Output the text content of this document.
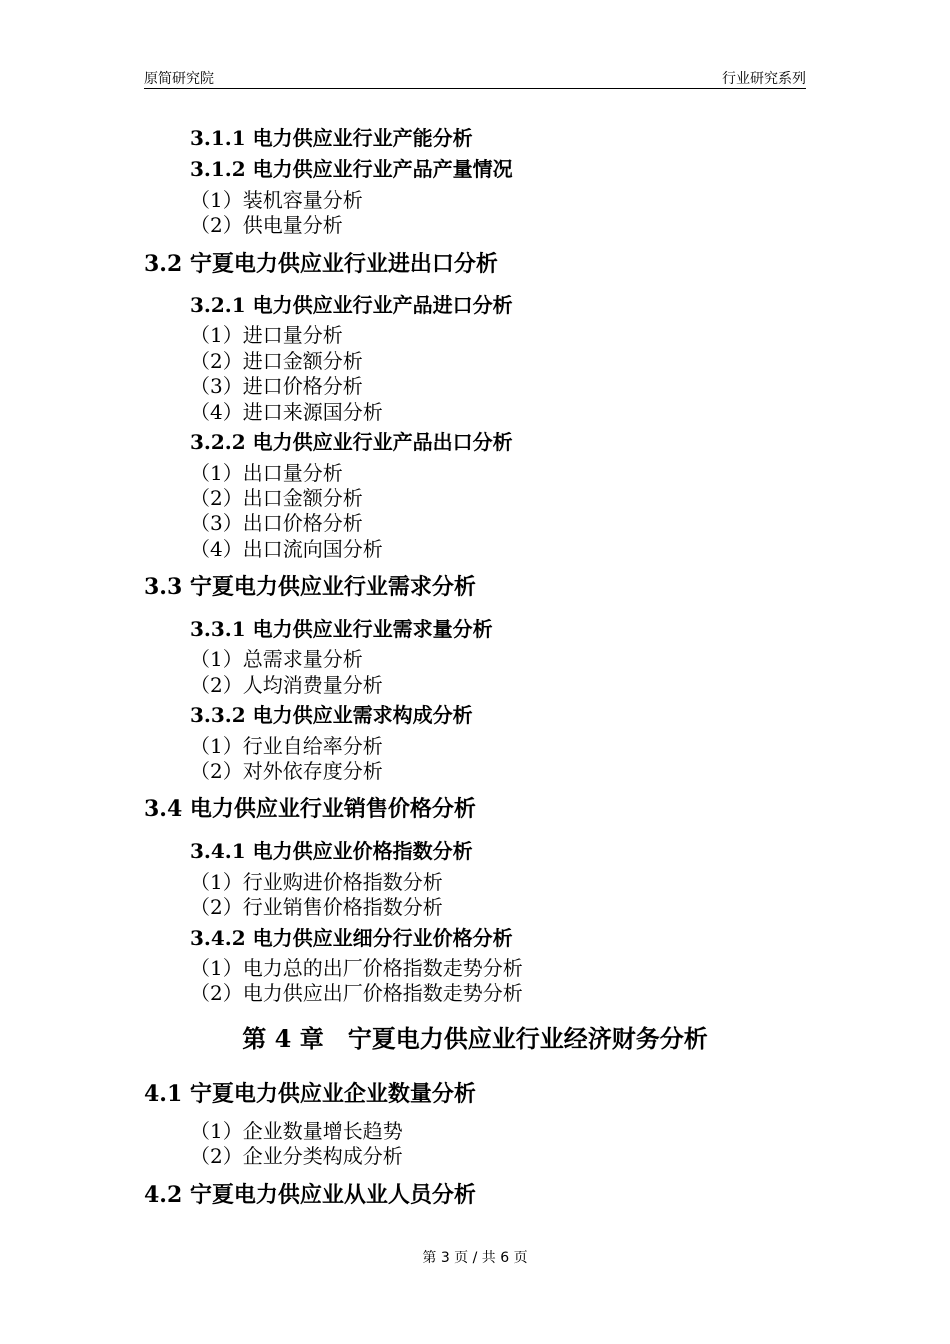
原简研究院	行业研究系列
3.1.1 电力供应业行业产能分析
3.1.2 电力供应业行业产品产量情况
（1）装机容量分析
（2）供电量分析
3.2 宁夏电力供应业行业进出口分析
3.2.1 电力供应业行业产品进口分析
（1）进口量分析
（2）进口金额分析
（3）进口价格分析
（4）进口来源国分析
3.2.2 电力供应业行业产品出口分析
（1）出口量分析
（2）出口金额分析
（3）出口价格分析
（4）出口流向国分析
3.3 宁夏电力供应业行业需求分析
3.3.1 电力供应业行业需求量分析
（1）总需求量分析
（2）人均消费量分析
3.3.2 电力供应业需求构成分析
（1）行业自给率分析
（2）对外依存度分析
3.4 电力供应业行业销售价格分析
3.4.1 电力供应业价格指数分析
（1）行业购进价格指数分析
（2）行业销售价格指数分析
3.4.2 电力供应业细分行业价格分析
（1）电力总的出厂价格指数走势分析
（2）电力供应出厂价格指数走势分析
第 4 章　宁夏电力供应业行业经济财务分析
4.1 宁夏电力供应业企业数量分析
（1）企业数量增长趋势
（2）企业分类构成分析
4.2 宁夏电力供应业从业人员分析
第 3 页 / 共 6 页
